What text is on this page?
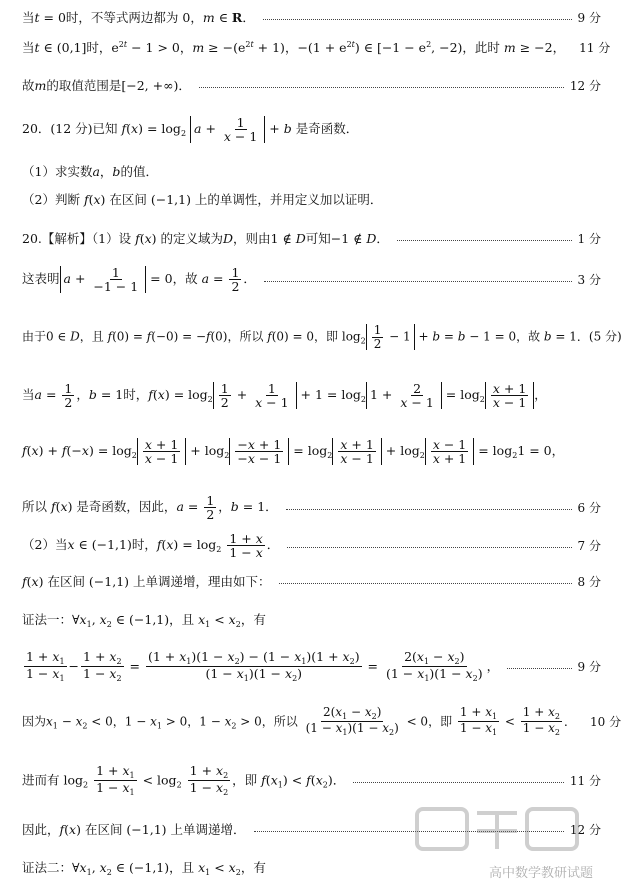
当t = 0时，不等式两边都为 0，m ∈ R．	9 分
当t ∈ (0,1]时，$e^{2t} - 1 > 0$，$m \ge -(e^{2t} + 1)$，$-(1 + e^{2t})$ ∈ [$-1 - e^2$, −2)，此时 m ≥ −2， 11 分
故m的取值范围是[−2, +∞)．	12 分
20．(12 分)已知 $f(x) = \log_2 a + \frac{1}{x - 1} + b$ 是奇函数．
（1）求实数a，b的值．
（2）判断 f(x) 在区间 (−1,1) 上的单调性，并用定义加以证明．
20.【解析】（1）设 f(x) 的定义域为D，则由1 ∉ D可知−1 ∉ D．	1 分
这表明 $a + \frac{1}{-1 - 1} = 0$，故 $a = \frac{1}{2}$ ．	3 分
由于0 ∈ D，且 f(0) = f(−0) = −f(0)，所以 f(0) = 0，即 $\log_2 \frac{1}{2} - 1 + b = b - 1 = 0$，故 b = 1．(5 分)
当$a = \frac{1}{2}$ ，b = 1时，$f(x) = \log_2 \frac{1}{2} + \frac{1}{x - 1} + 1 = \log_2 1 + \frac{2}{x - 1} = \log_2 \frac{x + 1}{x - 1}$ ，
$f(x) + f(-x) = \log_2 \frac{x + 1}{x - 1} + \log_2 \frac{-x + 1}{-x - 1} = \log_2 \frac{x + 1}{x - 1} + \log_2 \frac{x - 1}{x + 1} = \log_21 = 0$，
所以 f(x) 是奇函数，因此，$a = \frac{1}{2}$ ，b = 1．	6 分
（2）当x ∈ (−1,1)时，$f(x) = \log_2 \frac{1 + x}{1 - x}$ ．	7 分
f(x) 在区间 (−1,1) 上单调递增，理由如下：	8 分
证法一：$\forall x_1$, $x_2$ ∈ (−1,1)，且 $x_1 < x_2$，有
$\frac{1 + x_1}{1 - x_1} - \frac{1 + x_2}{1 - x_2} = \frac{(1 + x_1)(1 - x_2) - (1 - x_1)(1 + x_2)}{(1 - x_1)(1 - x_2)} = \frac{2(x_1 - x_2)}{(1 - x_1)(1 - x_2)}$ ，	9 分
因为$x_1 - x_2 < 0$，$1 - x_1 > 0$，$1 - x_2 > 0$，所以 $\frac{2(x_1 - x_2)}{(1 - x_1)(1 - x_2)} < 0$，即 $\frac{1 + x_1}{1 - x_1} < \frac{1 + x_2}{1 - x_2}$ ． 10 分
进而有 $\log_2 \frac{1 + x_1}{1 - x_1} < \log_2 \frac{1 + x_2}{1 - x_2}$ ，即 $f(x_1) < f(x_2)$．	11 分
因此，f(x) 在区间 (−1,1) 上单调递增．	12 分
证法二：$\forall x_1$, $x_2$ ∈ (−1,1)，且 $x_1 < x_2$，有	高中数学教研试题
